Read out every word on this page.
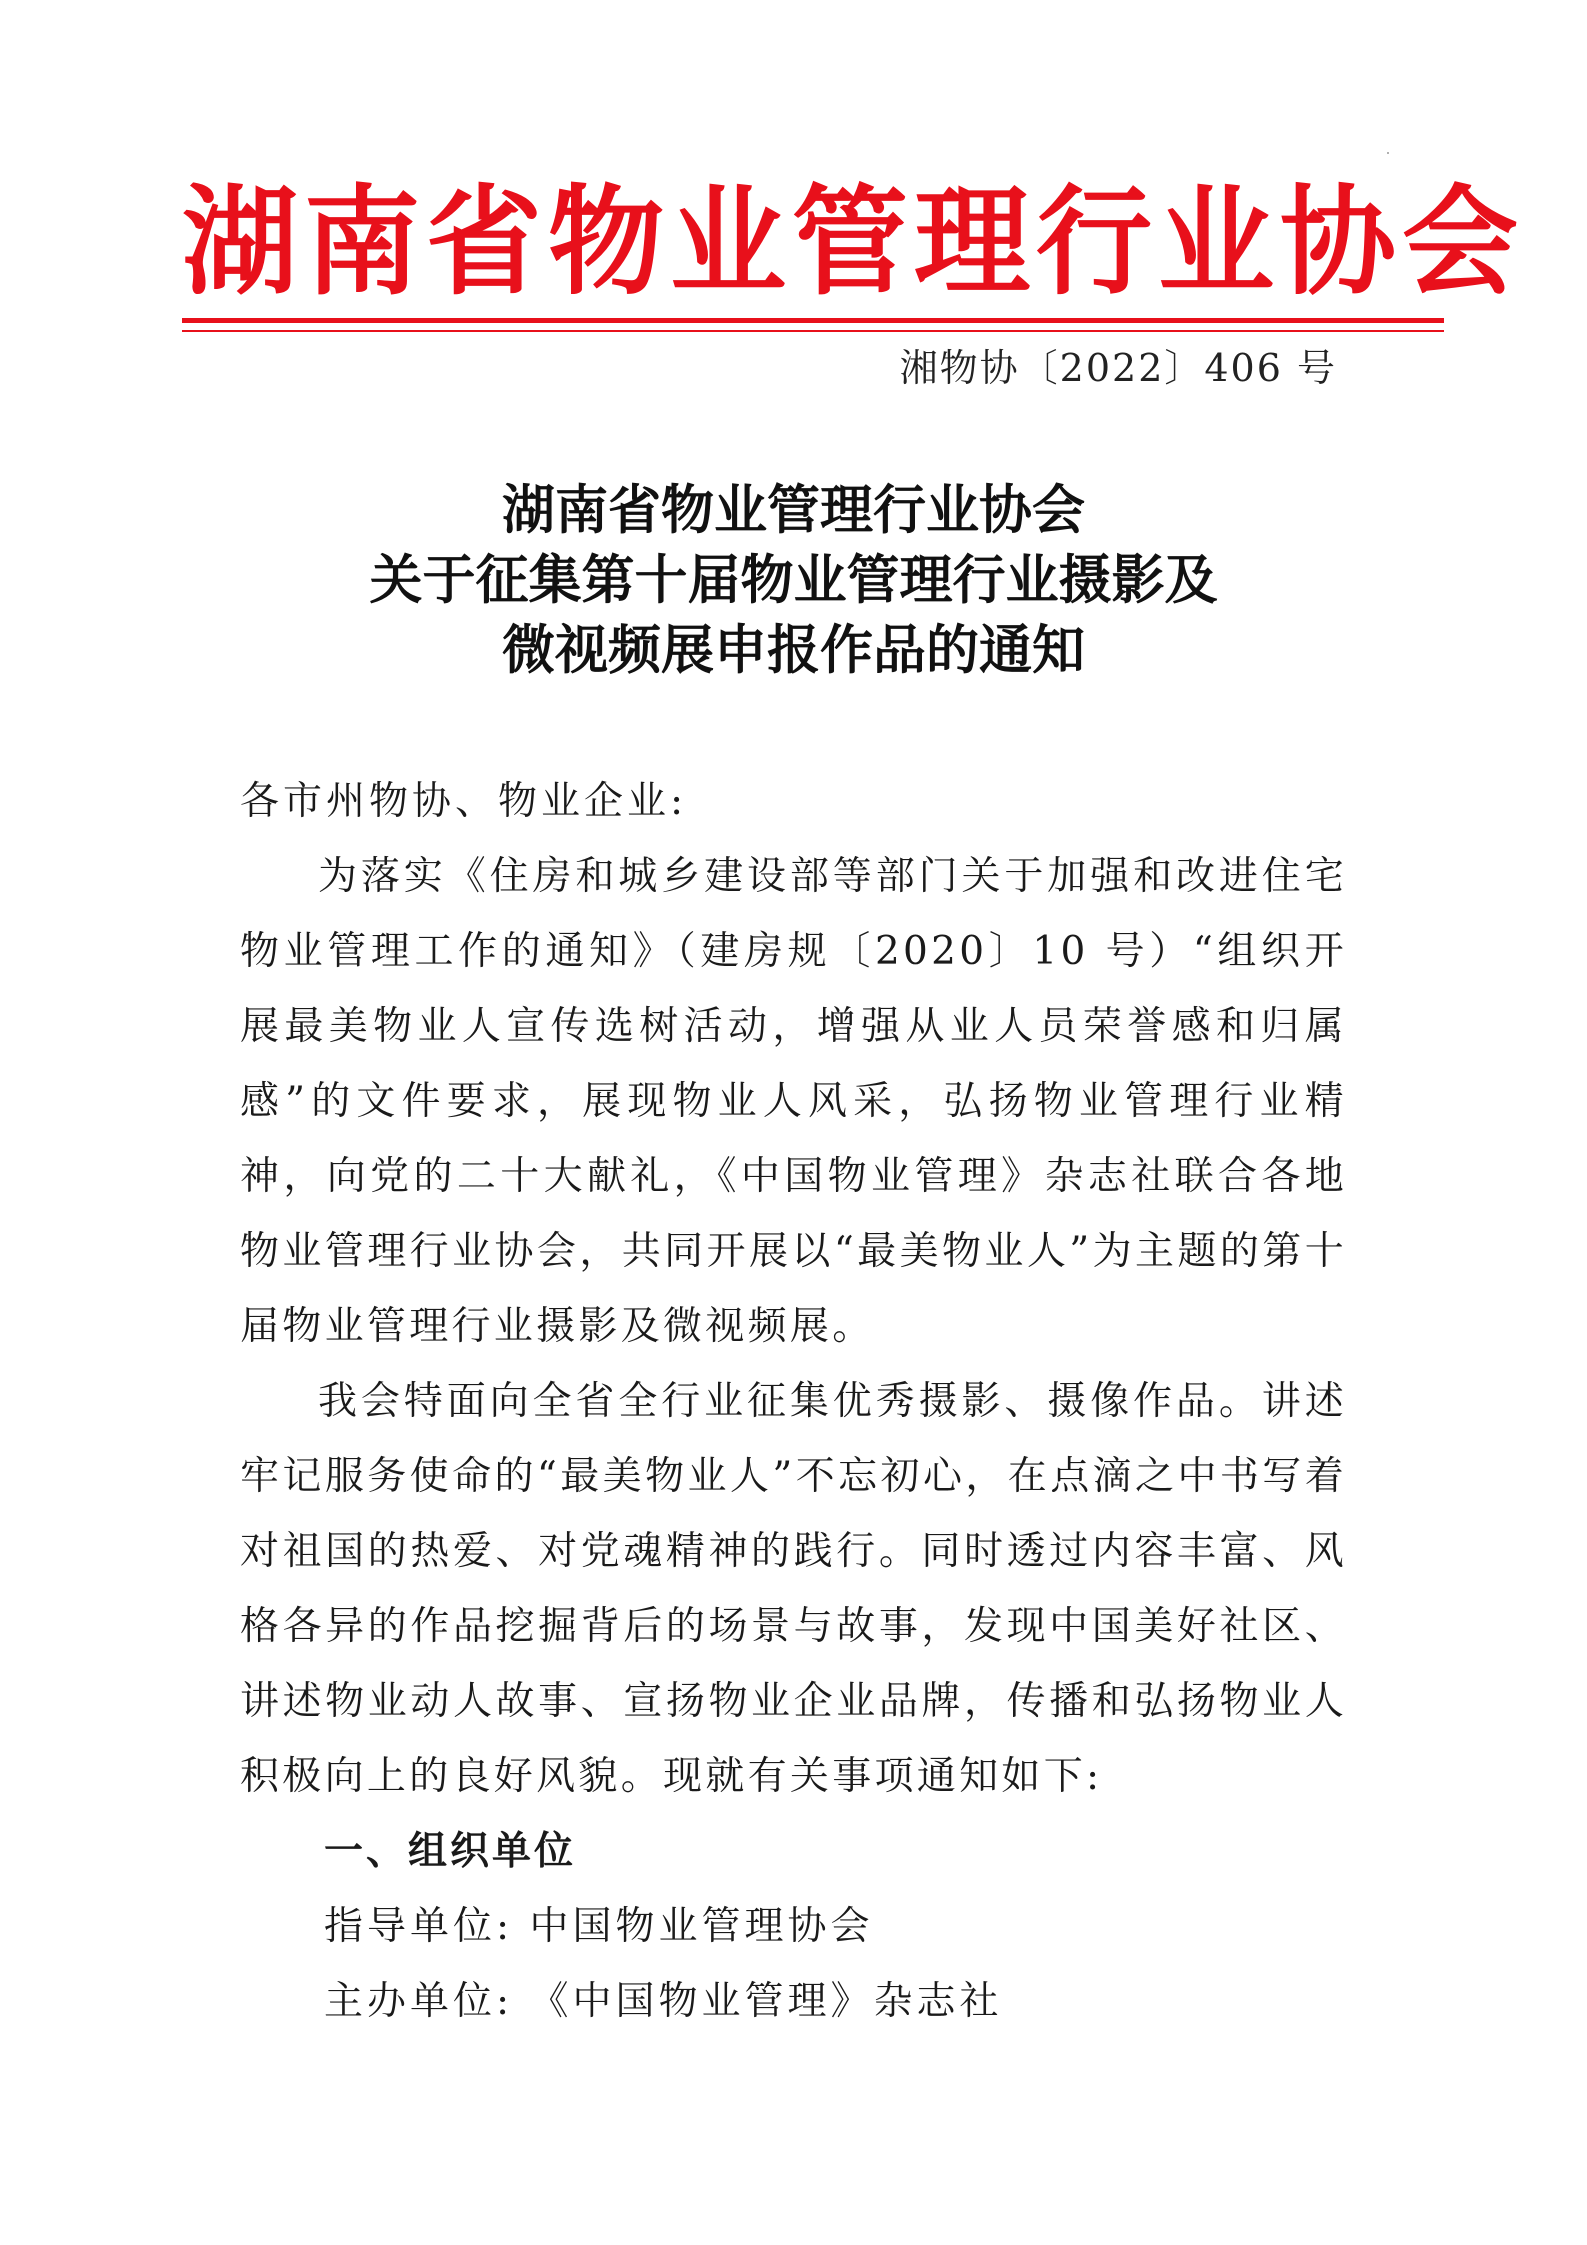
湖南省物业管理行业协会
湘物协〔2022〕406 号
湖南省物业管理行业协会
关于征集第十届物业管理行业摄影及
微视频展申报作品的通知

各市州物协、物业企业:

为落实《住房和城乡建设部等部门关于加强和改进住宅物业管理工作的通知》（建房规〔2020〕10 号）“组织开展最美物业人宣传选树活动，增强从业人员荣誉感和归属感”的文件要求，展现物业人风采，弘扬物业管理行业精神，向党的二十大献礼，《中国物业管理》杂志社联合各地物业管理行业协会，共同开展以“最美物业人”为主题的第十届物业管理行业摄影及微视频展。

我会特面向全省全行业征集优秀摄影、摄像作品。讲述牢记服务使命的“最美物业人”不忘初心，在点滴之中书写着对祖国的热爱、对党魂精神的践行。同时透过内容丰富、风格各异的作品挖掘背后的场景与故事，发现中国美好社区、讲述物业动人故事、宣扬物业企业品牌，传播和弘扬物业人积极向上的良好风貌。现就有关事项通知如下:

一、组织单位

指导单位: 中国物业管理协会

主办单位: 《中国物业管理》杂志社
